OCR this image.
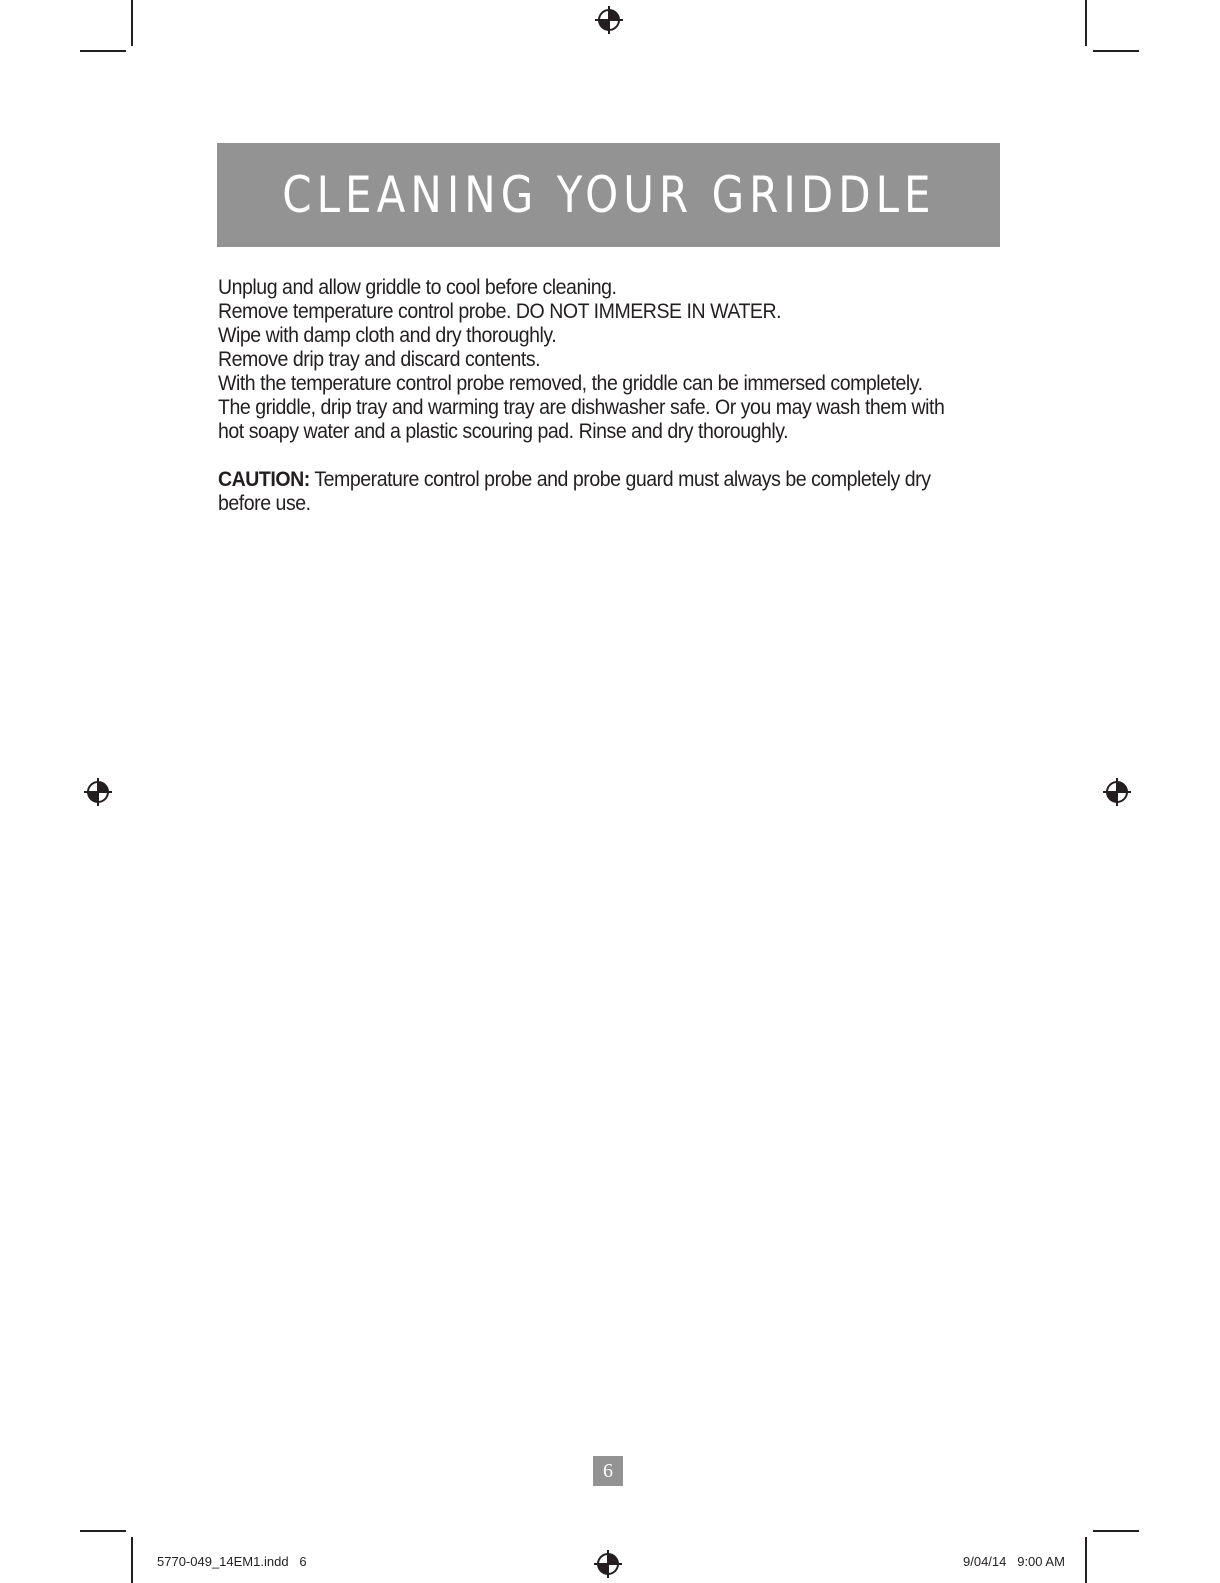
CLEANING YOUR GRIDDLE

Unplug and allow griddle to cool before cleaning.

Remove temperature control probe. DO NOT IMMERSE IN WATER.

Wipe with damp cloth and dry thoroughly.

Remove drip tray and discard contents.

With the temperature control probe removed, the griddle can be immersed completely.

The griddle, drip tray and warming tray are dishwasher safe. Or you may wash them with hot soapy water and a plastic scouring pad. Rinse and dry thoroughly.

CAUTION: Temperature control probe and probe guard must always be completely dry before use.

6
5770-049_14EM1.indd   6	9/04/14   9:00 AM
